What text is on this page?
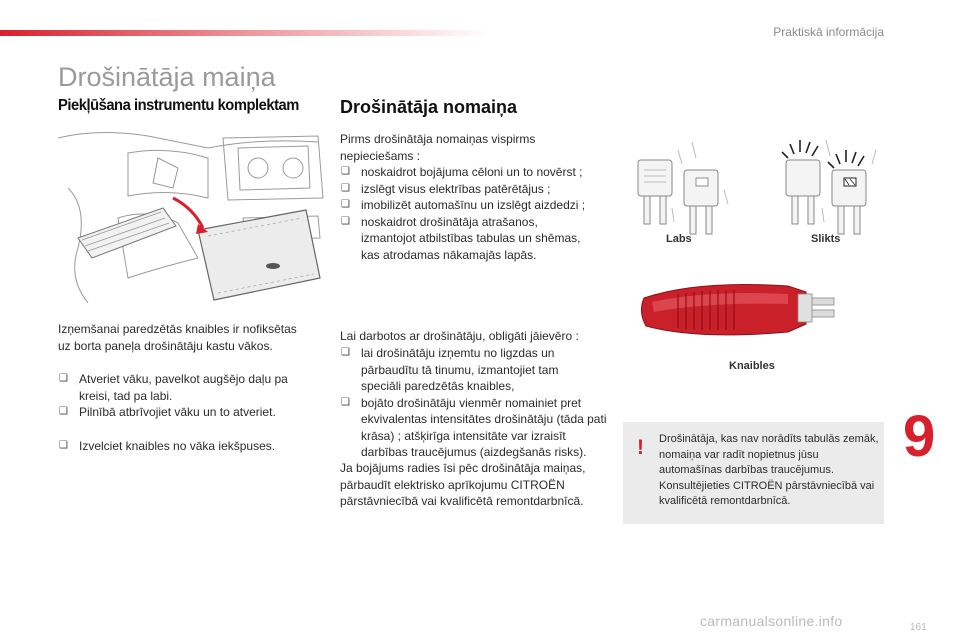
Praktiskā informācija
Drošinātāja maiņa
Piekļūšana instrumentu komplektam Drošinātāja nomaiņa

Izņemšanai paredzētās knaibles ir nofiksētas uz borta paneļa drošinātāju kastu vākos.

❑ Atveriet vāku, pavelkot augšējo daļu pa kreisi, tad pa labi.
❑ Pilnībā atbrīvojiet vāku un to atveriet.
❑ Izvelciet knaibles no vāka iekšpuses.

Pirms drošinātāja nomaiņas vispirms nepieciešams :

❑ noskaidrot bojājuma cēloni un to novērst ;
❑ izslēgt visus elektrības patērētājus ;
❑ imobilizēt automašīnu un izslēgt aizdedzi ;
❑ noskaidrot drošinātāja atrašanos, izmantojot atbilstības tabulas un shēmas, kas atrodamas nākamajās lapās.

Lai darbotos ar drošinātāju, obligāti jāievēro :

❑ lai drošinātāju izņemtu no ligzdas un pārbaudītu tā tinumu, izmantojiet tam speciāli paredzētās knaibles,
❑ bojāto drošinātāju vienmēr nomainiet pret ekvivalentas intensitātes drošinātāju (tāda pati krāsa) ; atšķirīga intensitāte var izraisīt darbības traucējumus (aizdegšanās risks).

Ja bojājums radies īsi pēc drošinātāja maiņas, pārbaudīt elektrisko aprīkojumu CITROËN pārstāvniecībā vai kvalificētā remontdarbnīcā.

Labs	Slikts
Knaibles
! Drošinātāja, kas nav norādīts tabulās zemāk, nomaiņa var radīt nopietnus jūsu automašīnas darbības traucējumus. Konsultējieties CITROËN pārstāvniecībā vai kvalificētā remontdarbnīcā.
9
carmanualsonline.info	161
